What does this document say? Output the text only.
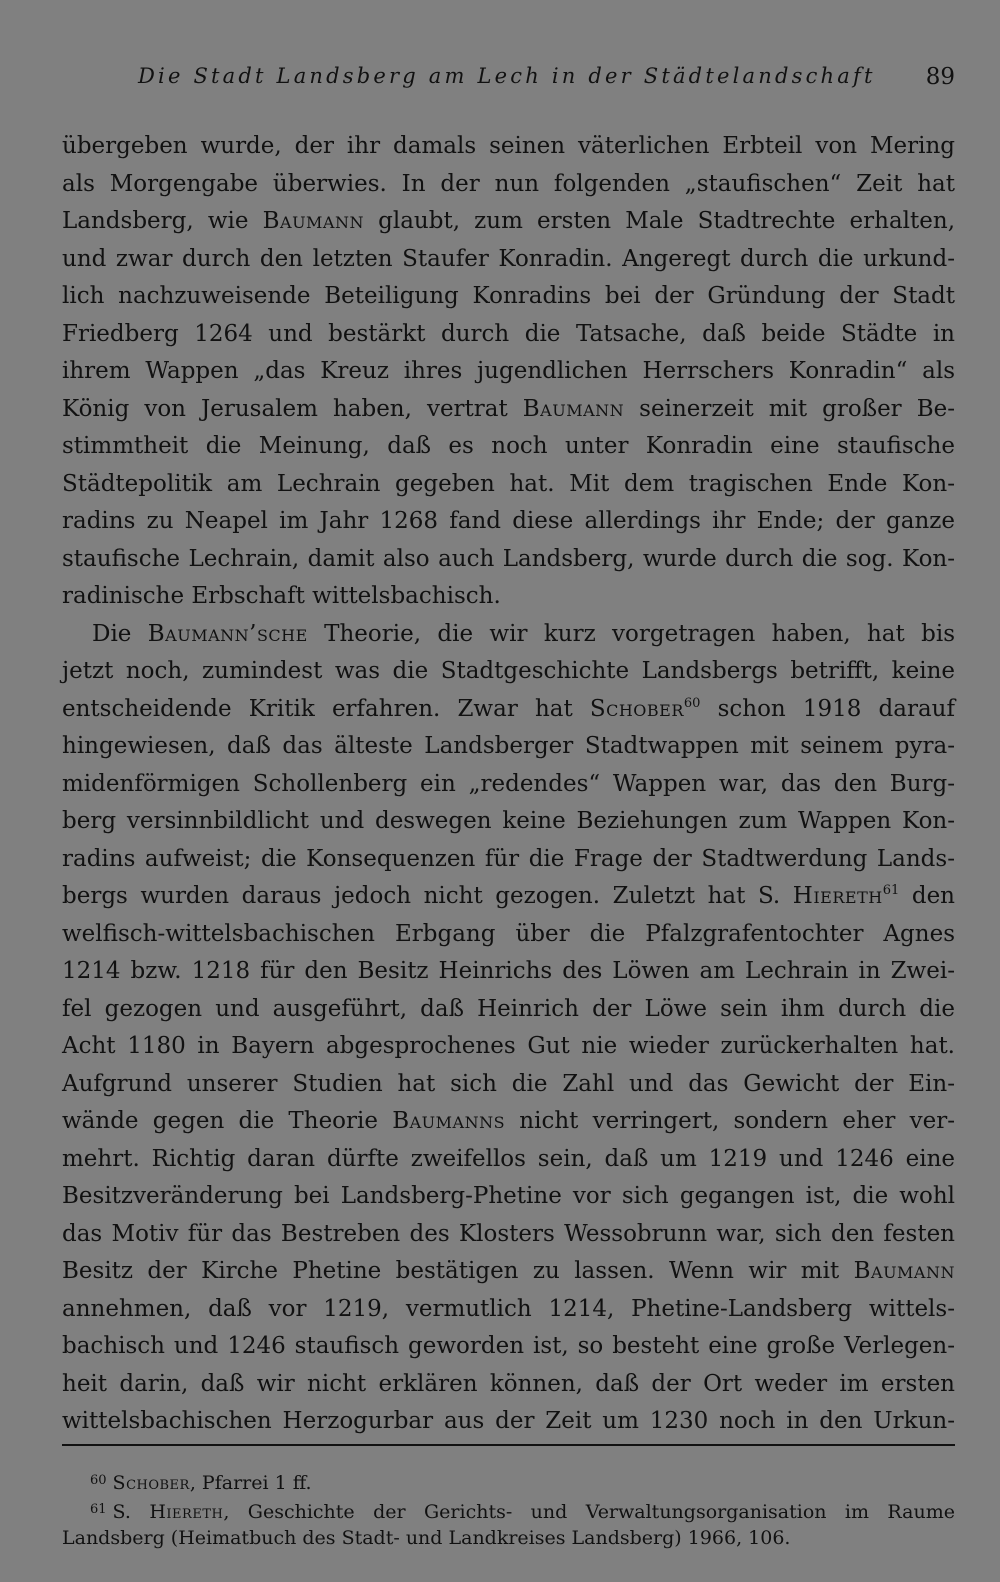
Die Stadt Landsberg am Lech in der Städtelandschaft 89
übergeben wurde, der ihr damals seinen väterlichen Erbteil von Mering
als Morgengabe überwies. In der nun folgenden „staufischen“ Zeit hat
Landsberg, wie Baumann glaubt, zum ersten Male Stadtrechte erhalten,
und zwar durch den letzten Staufer Konradin. Angeregt durch die urkund-
lich nachzuweisende Beteiligung Konradins bei der Gründung der Stadt
Friedberg 1264 und bestärkt durch die Tatsache, daß beide Städte in
ihrem Wappen „das Kreuz ihres jugendlichen Herrschers Konradin“ als
König von Jerusalem haben, vertrat Baumann seinerzeit mit großer Be-
stimmtheit die Meinung, daß es noch unter Konradin eine staufische
Städtepolitik am Lechrain gegeben hat. Mit dem tragischen Ende Kon-
radins zu Neapel im Jahr 1268 fand diese allerdings ihr Ende; der ganze
staufische Lechrain, damit also auch Landsberg, wurde durch die sog. Kon-
radinische Erbschaft wittelsbachisch.
Die Baumann’sche Theorie, die wir kurz vorgetragen haben, hat bis
jetzt noch, zumindest was die Stadtgeschichte Landsbergs betrifft, keine
entscheidende Kritik erfahren. Zwar hat Schober$^{60}$ schon 1918 darauf
hingewiesen, daß das älteste Landsberger Stadtwappen mit seinem pyra-
midenförmigen Schollenberg ein „redendes“ Wappen war, das den Burg-
berg versinnbildlicht und deswegen keine Beziehungen zum Wappen Kon-
radins aufweist; die Konsequenzen für die Frage der Stadtwerdung Lands-
bergs wurden daraus jedoch nicht gezogen. Zuletzt hat S. Hiereth$^{61}$ den
welfisch-wittelsbachischen Erbgang über die Pfalzgrafentochter Agnes
1214 bzw. 1218 für den Besitz Heinrichs des Löwen am Lechrain in Zwei-
fel gezogen und ausgeführt, daß Heinrich der Löwe sein ihm durch die
Acht 1180 in Bayern abgesprochenes Gut nie wieder zurückerhalten hat.
Aufgrund unserer Studien hat sich die Zahl und das Gewicht der Ein-
wände gegen die Theorie Baumanns nicht verringert, sondern eher ver-
mehrt. Richtig daran dürfte zweifellos sein, daß um 1219 und 1246 eine
Besitzveränderung bei Landsberg-Phetine vor sich gegangen ist, die wohl
das Motiv für das Bestreben des Klosters Wessobrunn war, sich den festen
Besitz der Kirche Phetine bestätigen zu lassen. Wenn wir mit Baumann
annehmen, daß vor 1219, vermutlich 1214, Phetine-Landsberg wittels-
bachisch und 1246 staufisch geworden ist, so besteht eine große Verlegen-
heit darin, daß wir nicht erklären können, daß der Ort weder im ersten
wittelsbachischen Herzogurbar aus der Zeit um 1230 noch in den Urkun-
$^{60}$ Schober, Pfarrei 1 ff.
$^{61}$ S. Hiereth, Geschichte der Gerichts- und Verwaltungsorganisation im Raume
Landsberg (Heimatbuch des Stadt- und Landkreises Landsberg) 1966, 106.
